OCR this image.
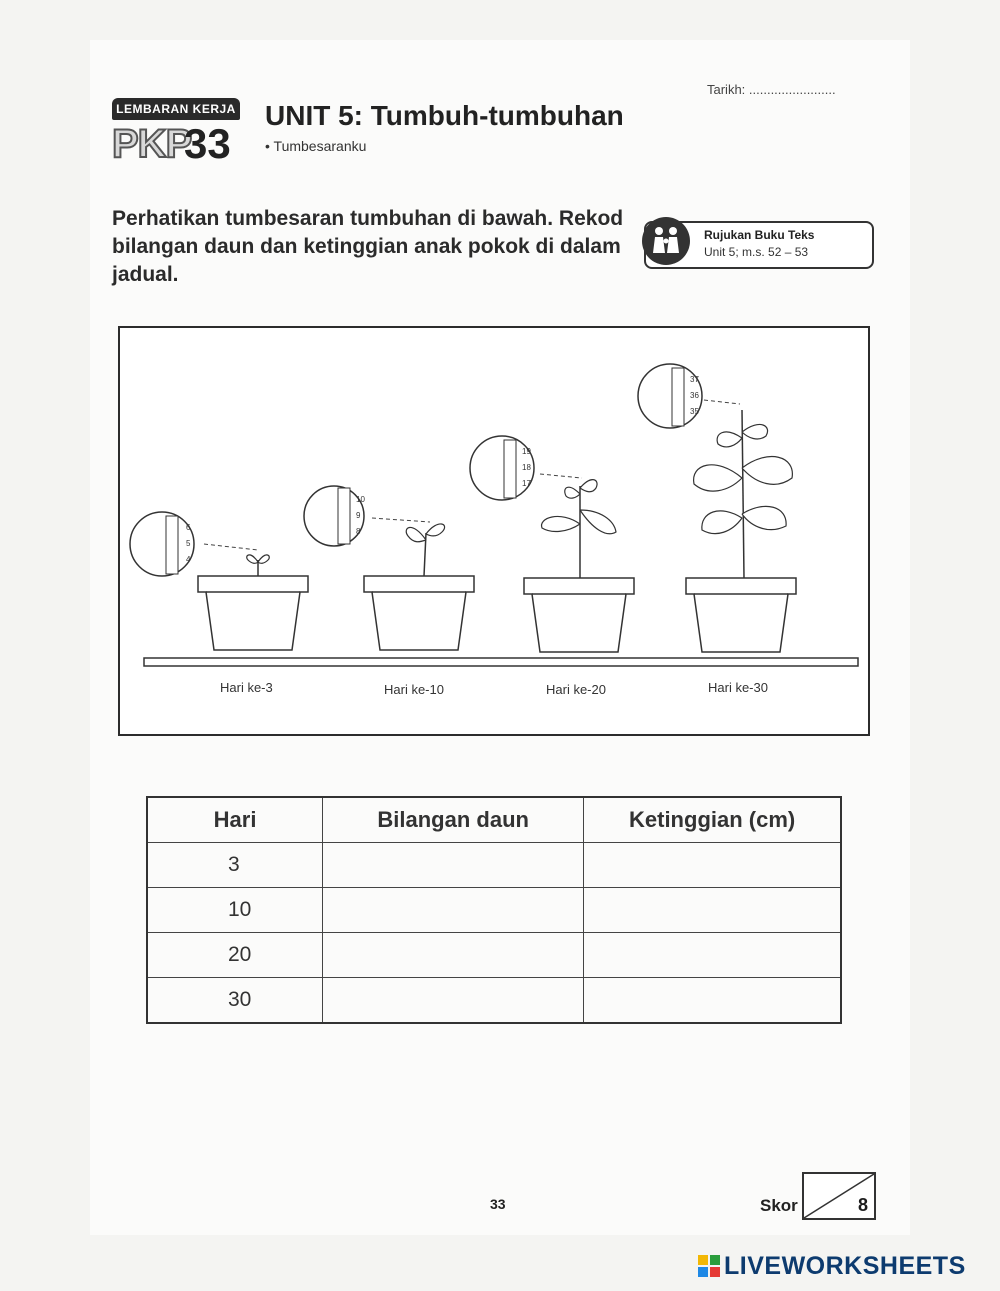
LEMBARAN KERJA
PKP
33
UNIT 5: Tumbuh-tumbuhan
• Tumbesaranku
Tarikh: ........................
Perhatikan tumbesaran tumbuhan di bawah. Rekod bilangan daun dan ketinggian anak pokok di dalam jadual.
Rujukan Buku Teks
Unit 5; m.s. 52 – 53
6
5
4
10
9
8
19
18
17
37
36
35
Hari ke-3	Hari ke-10	Hari ke-20	Hari ke-30
Hari	Bilangan daun	Ketinggian (cm)
3		
10		
20		
30		
33	Skor	8
LIVEWORKSHEETS
